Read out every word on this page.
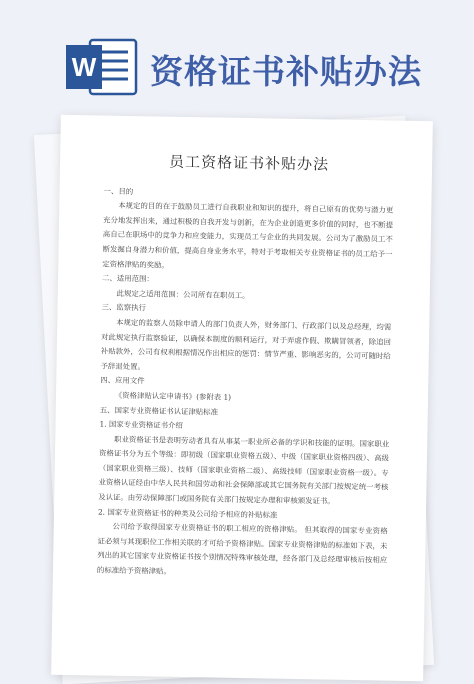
W 资格证书补贴办法
员工资格证书补贴办法

一、目的

本规定的目的在于鼓励员工进行自我职业和知识的提升，将自己原有的优势与潜力更充分地发挥出来，通过积极的自我开发与创新，在为企业创造更多价值的同时，也不断提高自己在职场中的竞争力和应变能力，实现员工与企业的共同发展。公司为了激励员工不断发掘自身潜力和价值，提高自身业务水平，特对于考取相关专业资格证书的员工给予一定资格津贴的奖励。

二、适用范围：

此规定之适用范围：公司所有在职员工。

三、监察执行

本规定的监察人员除申请人的部门负责人外，财务部门、行政部门以及总经理，均需对此规定执行监察验证，以确保本制度的顺利运行，对于弄虚作假、欺瞒冒领者，除追回补贴款外，公司有权利根据情况作出相应的惩罚：情节严重、影响恶劣的，公司可随时给予辞退处置。

四、应用文件

《资格津贴认定申请书》(参附表 1)

五、国家专业资格证书认证津贴标准

1. 国家专业资格证书介绍

职业资格证书是表明劳动者具有从事某一职业所必备的学识和技能的证明。国家职业资格证书分为五个等级：即初级（国家职业资格五级）、中级（国家职业资格四级）、高级（国家职业资格三级）、技师（国家职业资格二级）、高级技师（国家职业资格一级）。专业资格认证经由中华人民共和国劳动和社会保障部或其它国务院有关部门按规定统一考核及认证。由劳动保障部门或国务院有关部门按规定办理和审核颁发证书。

2. 国家专业资格证书的种类及公司给予相应的补贴标准

公司给予取得国家专业资格证书的职工相应的资格津贴。 但其取得的国家专业资格证必须与其现职位工作相关联的才可给予资格津贴。国家专业资格津贴的标准如下表，未列出的其它国家专业资格证书按个别情况特殊审核处理，经各部门及总经理审核后按相应的标准给予资格津贴。
